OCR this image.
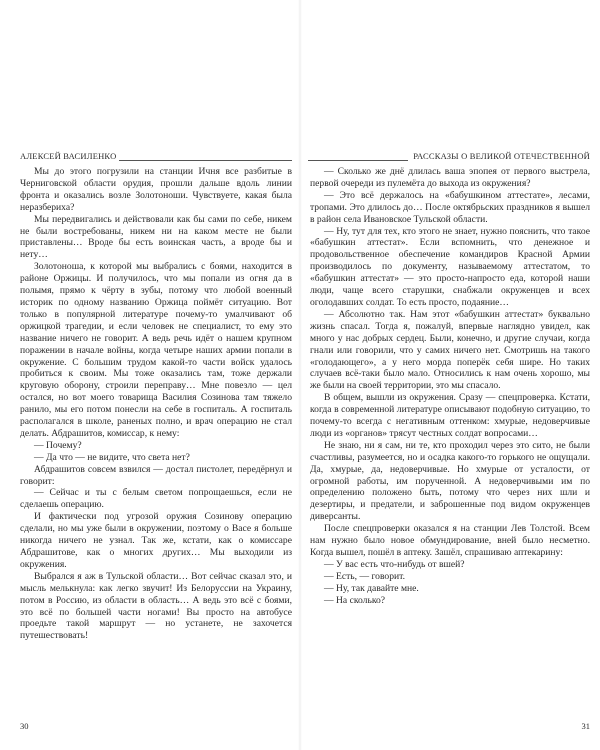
АЛЕКСЕЙ ВАСИЛЕНКО

Мы до этого погрузили на станции Ичня все разбитые в Черниговской области орудия, прошли дальше вдоль линии фронта и оказались возле Золотоноши. Чувствуете, какая была неразбериха?

Мы передвигались и действовали как бы сами по себе, никем не были востребованы, никем ни на каком месте не были приставлены… Вроде бы есть воинская часть, а вроде бы и нету…

Золотоноша, к которой мы выбрались с боями, находится в районе Оржицы. И получилось, что мы попали из огня да в полымя, прямо к чёрту в зубы, потому что любой военный историк по одному названию Оржица поймёт ситуацию. Вот только в популярной литературе почему-то умалчивают об оржицкой трагедии, и если человек не специалист, то ему это название ничего не говорит. А ведь речь идёт о нашем крупном поражении в начале войны, когда четыре наших армии попали в окружение. С большим трудом какой-то части войск удалось пробиться к своим. Мы тоже оказались там, тоже держали круговую оборону, строили переправу… Мне повезло — цел остался, но вот моего товарища Василия Созинова там тяжело ранило, мы его потом понесли на себе в госпиталь. А госпиталь располагался в школе, раненых полно, и врач операцию не стал делать. Абдрашитов, комиссар, к нему:

— Почему?

— Да что — не видите, что света нет?

Абдрашитов совсем взвился — достал пистолет, передёрнул и говорит:

— Сейчас и ты с белым светом попрощаешься, если не сделаешь операцию.

И фактически под угрозой оружия Созинову операцию сделали, но мы уже были в окружении, поэтому о Васе я больше никогда ничего не узнал. Так же, кстати, как о комиссаре Абдрашитове, как о многих других… Мы выходили из окружения.

Выбрался я аж в Тульской области… Вот сейчас сказал это, и мысль мелькнула: как легко звучит! Из Белоруссии на Украину, потом в Россию, из области в область… А ведь это всё с боями, это всё по большей части ногами! Вы просто на автобусе проедьте такой маршрут — но устанете, не захочется путешествовать!

30
РАССКАЗЫ О ВЕЛИКОЙ ОТЕЧЕСТВЕННОЙ

— Сколько же днё длилась ваша эпопея от первого выстрела, первой очереди из пулемёта до выхода из окружения?

— Это всё держалось на «бабушкином аттестате», лесами, тропами. Это длилось до… После октябрьских праздников я вышел в район села Ивановское Тульской области.

— Ну, тут для тех, кто этого не знает, нужно пояснить, что такое «бабушкин аттестат». Если вспомнить, что денежное и продовольственное обеспечение командиров Красной Армии производилось по документу, называемому аттестатом, то «бабушкин аттестат» — это просто-напросто еда, которой наши люди, чаще всего старушки, снабжали окруженцев и всех оголодавших солдат. То есть просто, подаяние…

— Абсолютно так. Нам этот «бабушкин аттестат» буквально жизнь спасал. Тогда я, пожалуй, впервые наглядно увидел, как много у нас добрых сердец. Были, конечно, и другие случаи, когда гнали или говорили, что у самих ничего нет. Смотришь на такого «голодающего», а у него морда поперёк себя шире. Но таких случаев всё-таки было мало. Относились к нам очень хорошо, мы же были на своей территории, это мы спасало.

В общем, вышли из окружения. Сразу — спецпроверка. Кстати, когда в современной литературе описывают подобную ситуацию, то почему-то всегда с негативным оттенком: хмурые, недоверчивые люди из «органов» трясут честных солдат вопросами…

Не знаю, ни я сам, ни те, кто проходил через это сито, не были счастливы, разумеется, но и осадка какого-то горького не ощущали. Да, хмурые, да, недоверчивые. Но хмурые от усталости, от огромной работы, им порученной. А недоверчивыми им по определению положено быть, потому что через них шли и дезертиры, и предатели, и заброшенные под видом окруженцев диверсанты.

После спецпроверки оказался я на станции Лев Толстой. Всем нам нужно было новое обмундирование, вней было несметно. Когда вышел, пошёл в аптеку. Зашёл, спрашиваю аптекарину:

— У вас есть что-нибудь от вшей?

— Есть, — говорит.

— Ну, так давайте мне.

— На сколько?

31
